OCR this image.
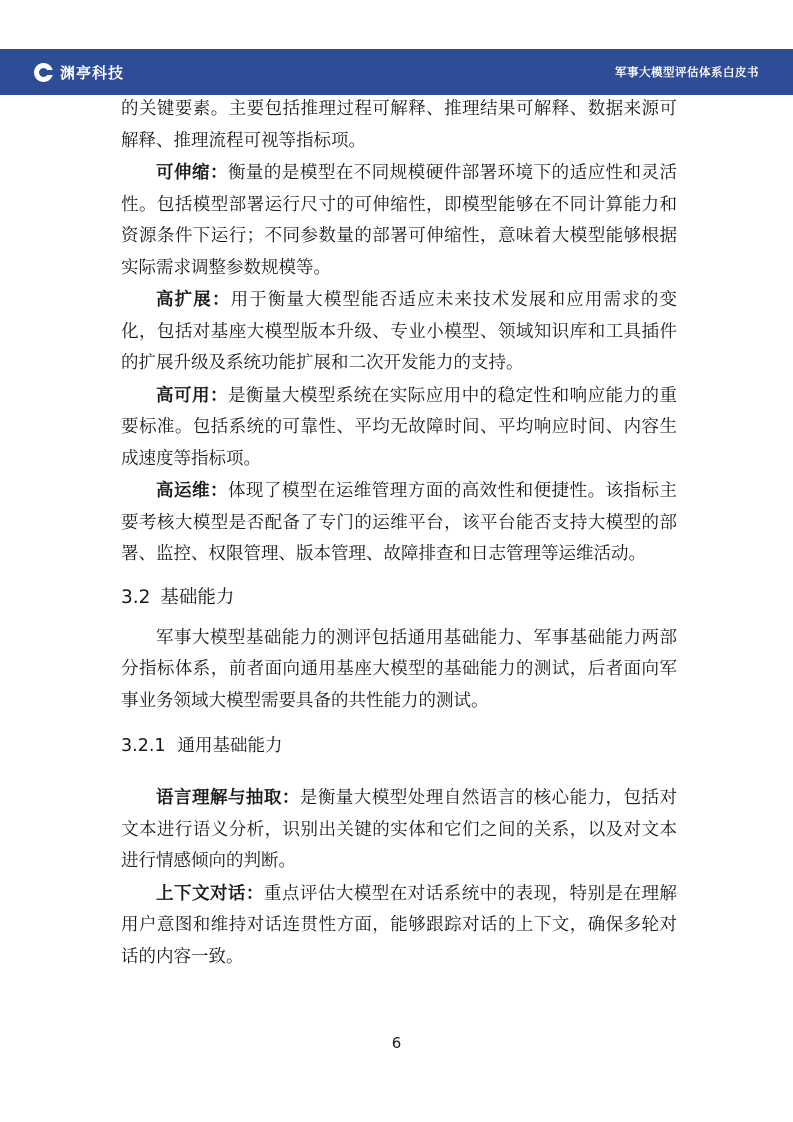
渊亭科技	军事大模型评估体系白皮书

的关键要素。主要包括推理过程可解释、推理结果可解释、数据来源可解释、推理流程可视等指标项。

可伸缩：衡量的是模型在不同规模硬件部署环境下的适应性和灵活性。包括模型部署运行尺寸的可伸缩性，即模型能够在不同计算能力和资源条件下运行；不同参数量的部署可伸缩性，意味着大模型能够根据实际需求调整参数规模等。

高扩展：用于衡量大模型能否适应未来技术发展和应用需求的变化，包括对基座大模型版本升级、专业小模型、领域知识库和工具插件的扩展升级及系统功能扩展和二次开发能力的支持。

高可用：是衡量大模型系统在实际应用中的稳定性和响应能力的重要标准。包括系统的可靠性、平均无故障时间、平均响应时间、内容生成速度等指标项。

高运维：体现了模型在运维管理方面的高效性和便捷性。该指标主要考核大模型是否配备了专门的运维平台，该平台能否支持大模型的部署、监控、权限管理、版本管理、故障排查和日志管理等运维活动。

3.2 基础能力

军事大模型基础能力的测评包括通用基础能力、军事基础能力两部分指标体系，前者面向通用基座大模型的基础能力的测试，后者面向军事业务领域大模型需要具备的共性能力的测试。

3.2.1 通用基础能力

语言理解与抽取：是衡量大模型处理自然语言的核心能力，包括对文本进行语义分析，识别出关键的实体和它们之间的关系，以及对文本进行情感倾向的判断。

上下文对话：重点评估大模型在对话系统中的表现，特别是在理解用户意图和维持对话连贯性方面，能够跟踪对话的上下文，确保多轮对话的内容一致。

6
